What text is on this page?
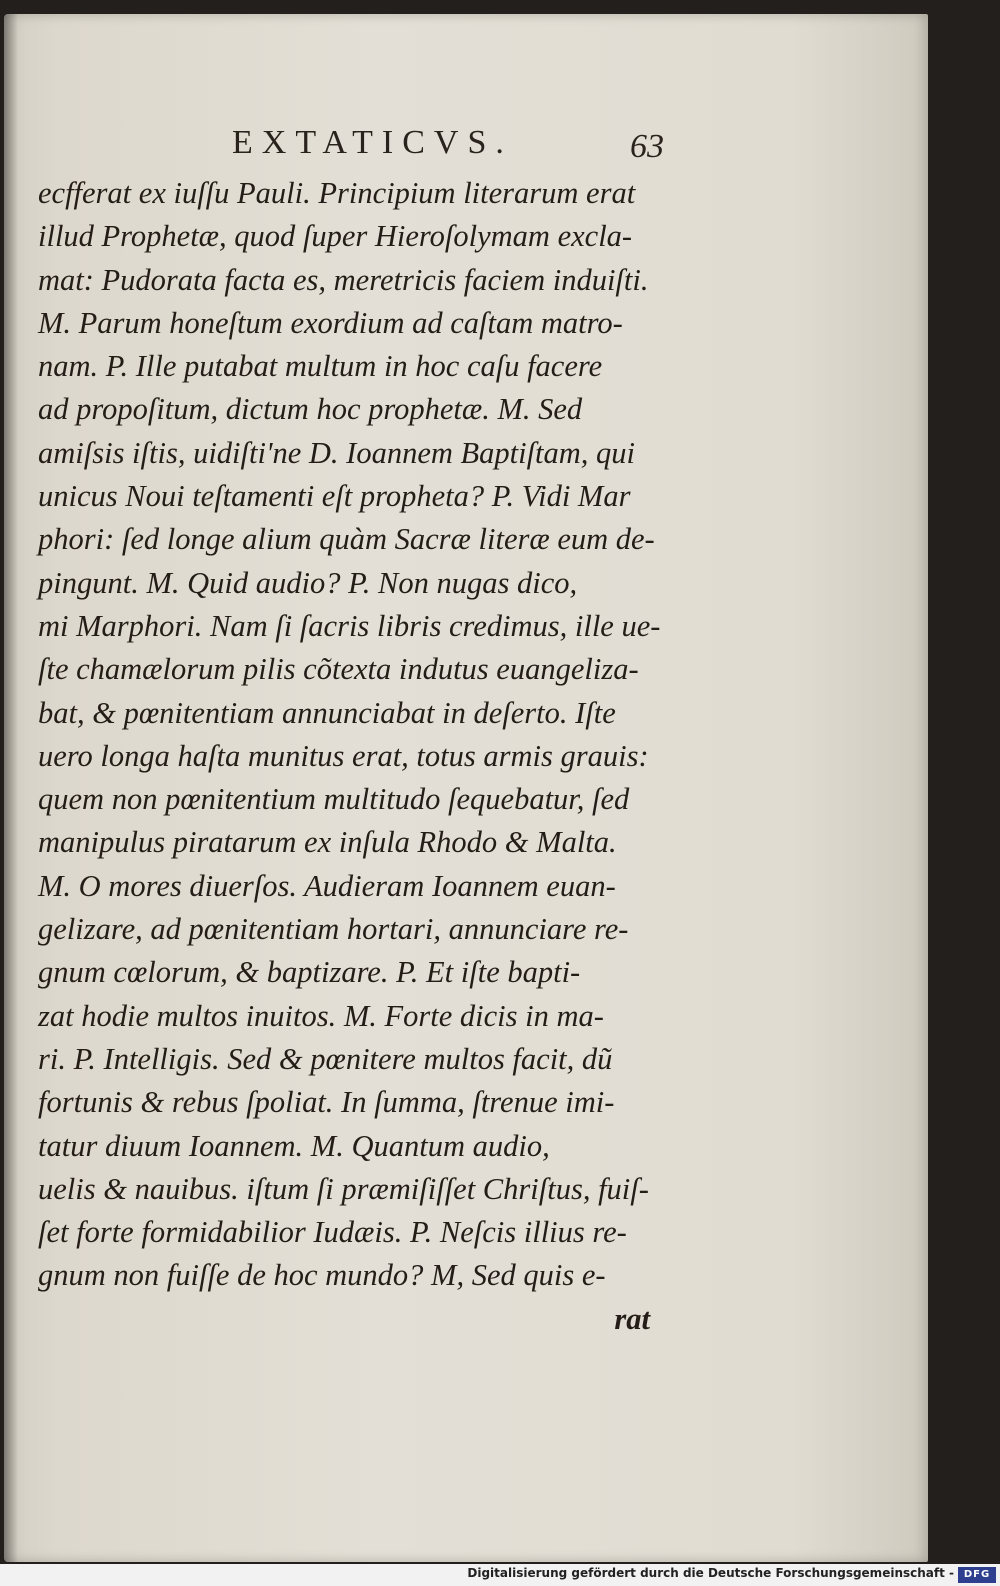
EXTATICVS.	63
ecfferat ex iuſſu Pauli. Principium literarum erat
illud Prophetæ, quod ſuper Hieroſolymam excla-
mat: Pudorata facta es, meretricis faciem induiſti.
M. Parum honeſtum exordium ad caſtam matro-
nam. P. Ille putabat multum in hoc caſu facere
ad propoſitum, dictum hoc prophetæ. M. Sed
amiſsis iſtis, uidiſti'ne D. Ioannem Baptiſtam, qui
unicus Noui teſtamenti eſt propheta? P. Vidi Mar
phori: ſed longe alium quàm Sacræ literæ eum de-
pingunt. M. Quid audio? P. Non nugas dico,
mi Marphori. Nam ſi ſacris libris credimus, ille ue-
ſte chamælorum pilis cõtexta indutus euangeliza-
bat, & pœnitentiam annunciabat in deſerto. Iſte
uero longa haſta munitus erat, totus armis grauis:
quem non pœnitentium multitudo ſequebatur, ſed
manipulus piratarum ex inſula Rhodo & Malta.
M. O mores diuerſos. Audieram Ioannem euan-
gelizare, ad pœnitentiam hortari, annunciare re-
gnum cœlorum, & baptizare. P. Et iſte bapti-
zat hodie multos inuitos. M. Forte dicis in ma-
ri. P. Intelligis. Sed & pœnitere multos facit, dũ
fortunis & rebus ſpoliat. In ſumma, ſtrenue imi-
tatur diuum Ioannem. M. Quantum audio,
uelis & nauibus. iſtum ſi præmiſiſſet Chriſtus, fuiſ-
ſet forte formidabilior Iudæis. P. Neſcis illius re-
gnum non fuiſſe de hoc mundo? M, Sed quis e-
rat
Digitalisierung gefördert durch die Deutsche Forschungsgemeinschaft - DFG
